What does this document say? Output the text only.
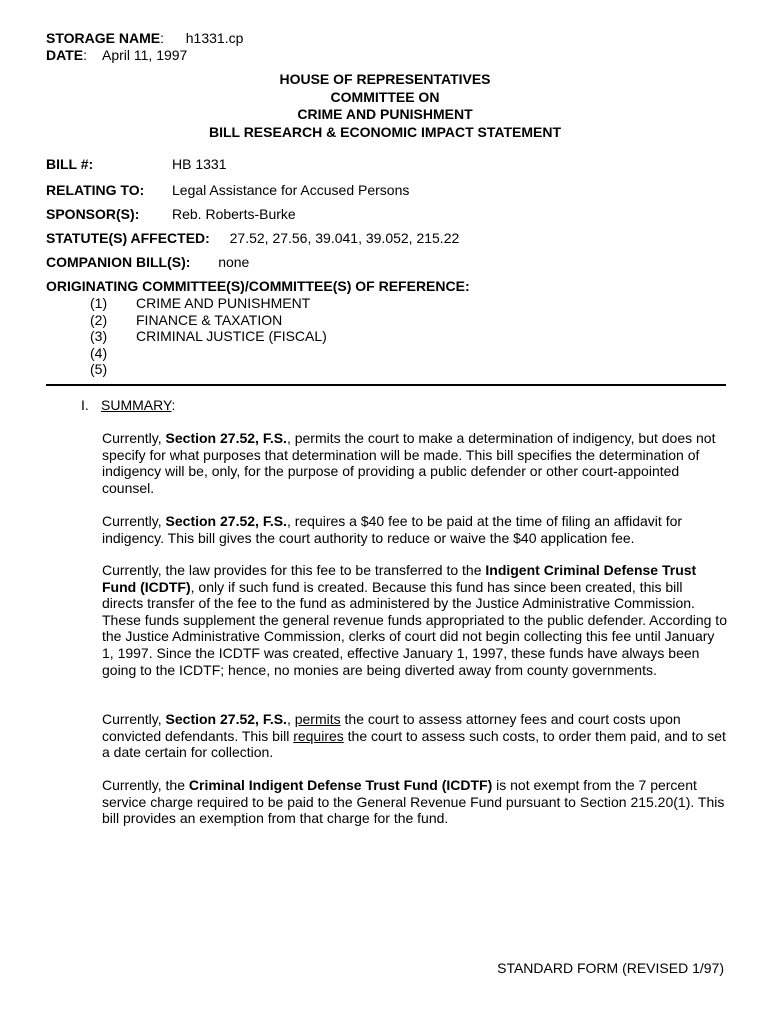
STORAGE NAME: h1331.cp
DATE: April 11, 1997
HOUSE OF REPRESENTATIVES
COMMITTEE ON
CRIME AND PUNISHMENT
BILL RESEARCH & ECONOMIC IMPACT STATEMENT
BILL #:	HB 1331
RELATING TO: Legal Assistance for Accused Persons
SPONSOR(S): Reb. Roberts-Burke
STATUTE(S) AFFECTED: 27.52, 27.56, 39.041, 39.052, 215.22
COMPANION BILL(S): none
ORIGINATING COMMITTEE(S)/COMMITTEE(S) OF REFERENCE:
(1) CRIME AND PUNISHMENT
(2) FINANCE & TAXATION
(3) CRIMINAL JUSTICE (FISCAL)
(4)
(5)
I. SUMMARY:

Currently, Section 27.52, F.S., permits the court to make a determination of indigency, but does not specify for what purposes that determination will be made. This bill specifies the determination of indigency will be, only, for the purpose of providing a public defender or other court-appointed counsel.

Currently, Section 27.52, F.S., requires a $40 fee to be paid at the time of filing an affidavit for indigency. This bill gives the court authority to reduce or waive the $40 application fee.

Currently, the law provides for this fee to be transferred to the Indigent Criminal Defense Trust Fund (ICDTF), only if such fund is created. Because this fund has since been created, this bill directs transfer of the fee to the fund as administered by the Justice Administrative Commission. These funds supplement the general revenue funds appropriated to the public defender. According to the Justice Administrative Commission, clerks of court did not begin collecting this fee until January 1, 1997. Since the ICDTF was created, effective January 1, 1997, these funds have always been going to the ICDTF; hence, no monies are being diverted away from county governments.

Currently, Section 27.52, F.S., permits the court to assess attorney fees and court costs upon convicted defendants. This bill requires the court to assess such costs, to order them paid, and to set a date certain for collection.

Currently, the Criminal Indigent Defense Trust Fund (ICDTF) is not exempt from the 7 percent service charge required to be paid to the General Revenue Fund pursuant to Section 215.20(1). This bill provides an exemption from that charge for the fund.

STANDARD FORM (REVISED 1/97)
